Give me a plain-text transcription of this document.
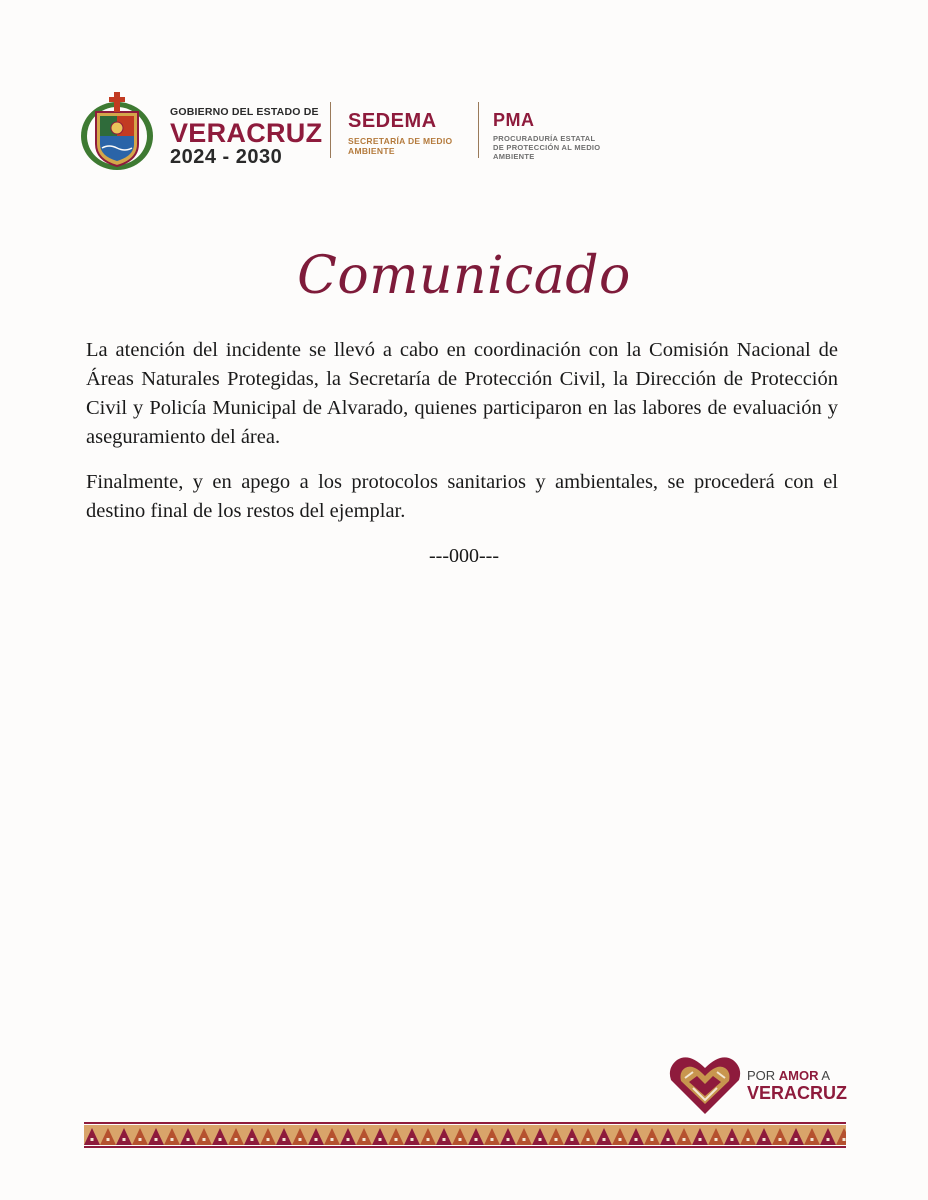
GOBIERNO DEL ESTADO DE
VERACRUZ
2024 - 2030
SEDEMA
SECRETARÍA DE MEDIO AMBIENTE
PMA
PROCURADURÍA ESTATAL DE PROTECCIÓN AL MEDIO AMBIENTE
Comunicado

La atención del incidente se llevó a cabo en coordinación con la Comisión Nacional de Áreas Naturales Protegidas, la Secretaría de Protección Civil, la Dirección de Protección Civil y Policía Municipal de Alvarado, quienes participaron en las labores de evaluación y aseguramiento del área.

Finalmente, y en apego a los protocolos sanitarios y ambientales, se procederá con el destino final de los restos del ejemplar.

---000---
POR AMOR A
VERACRUZ
